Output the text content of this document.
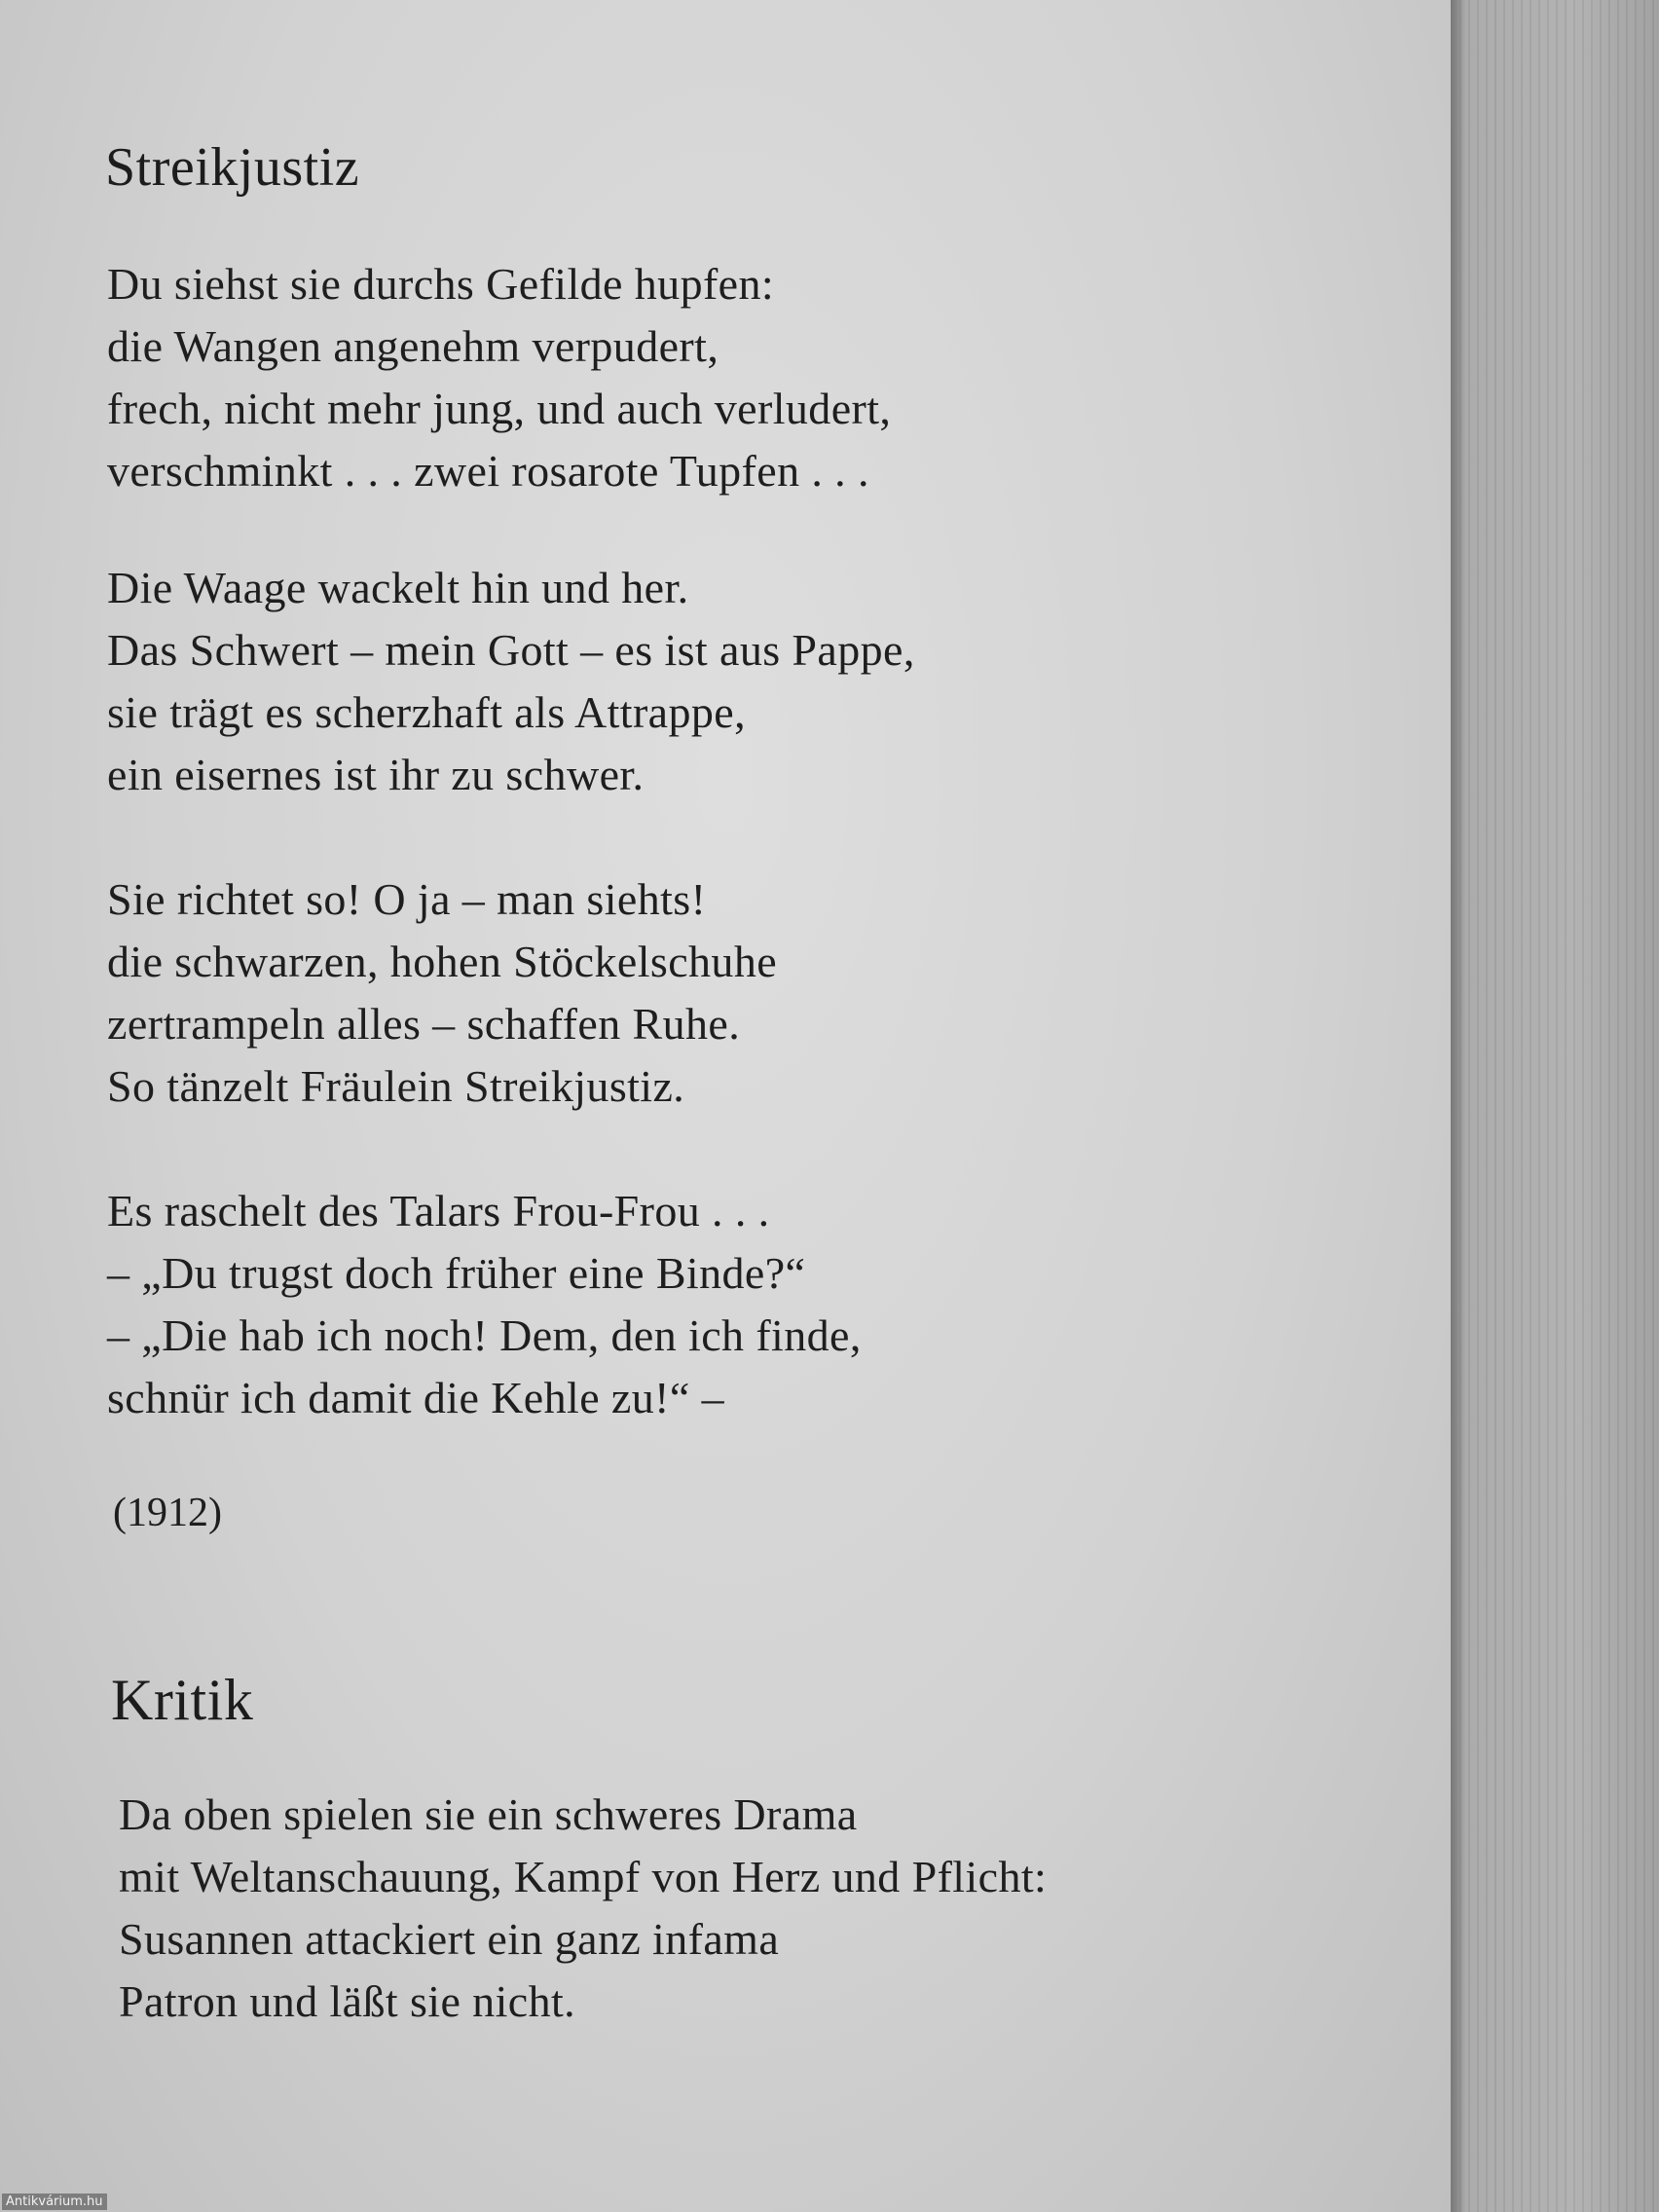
Streikjustiz

Du siehst sie durchs Gefilde hupfen:
die Wangen angenehm verpudert,
frech, nicht mehr jung, und auch verludert,
verschminkt . . . zwei rosarote Tupfen . . .

Die Waage wackelt hin und her.
Das Schwert – mein Gott – es ist aus Pappe,
sie trägt es scherzhaft als Attrappe,
ein eisernes ist ihr zu schwer.

Sie richtet so! O ja – man siehts!
die schwarzen, hohen Stöckelschuhe
zertrampeln alles – schaffen Ruhe.
So tänzelt Fräulein Streikjustiz.

Es raschelt des Talars Frou-Frou . . .
– „Du trugst doch früher eine Binde?“
– „Die hab ich noch! Dem, den ich finde,
schnür ich damit die Kehle zu!“ –

(1912)

Kritik

Da oben spielen sie ein schweres Drama
mit Weltanschauung, Kampf von Herz und Pflicht:
Susannen attackiert ein ganz infama
Patron und läßt sie nicht.

Antikvárium.hu
